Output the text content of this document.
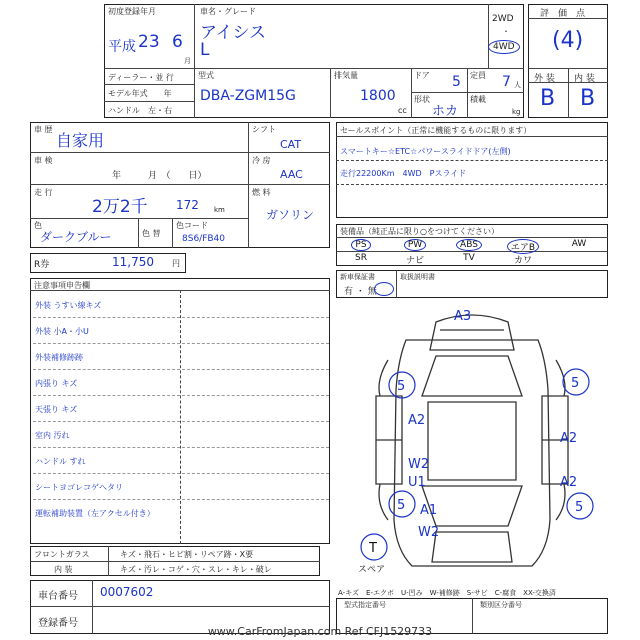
初度登録年月
平成 23 6
月
車名・グレード
アイシス
L
2WD
・
4WD
ディーラー・並 行
モデル年式　　年
ハンドル　左・右
型式
DBA-ZGM15G
排気量
1800
cc
ドア 5 定員 7 人
形状
ホカ
積載
kg
評　価　点
(4)
外 装 内 装
B B
車 歴
自家用
車 検
年　　　月　（　　日）
走 行
2万2千 172 km
色
ダークブルー	色 替
色コード
8S6/FB40
シフト
CAT
冷 房
AAC
燃 料
ガソリン
R券	11,750 円
セールスポイント（正常に機能するものに限ります）
スマートキー☆ETC☆パワースライドドア(左側)
走行22200Km　4WD　Pスライド
装備品（純正品に限り○をつけてください）
PS	PW	ABS	エアB	AW
SR	ナビ	TV	カワ
新車保証書
有 ・ 無
取扱説明書
注意事項申告欄
外装 うすい線キズ
外装 小A・小U
外装補修跡跡
内張り キズ
天張り キズ
室内 汚れ
ハンドル すれ
シートヨゴレコゲヘタリ
運転補助装置（左アクセル付き）
フロントガラス	キズ・飛石・ヒビ割・リペア跡・X要
内 装	キズ・汚レ・コゲ・穴・スレ・キレ・破レ
車台番号 0007602
登録番号
A3
5	5
A2
A2
W2
U1	A2
5 A1
W2
5
T
スペア
A-キズ　E-エクボ　U-凹み　W-補修跡　S-サビ　C-腐食　XX-交換済
型式指定番号	類別区分番号
www.CarFromJapan.com Ref CFJ1529733
